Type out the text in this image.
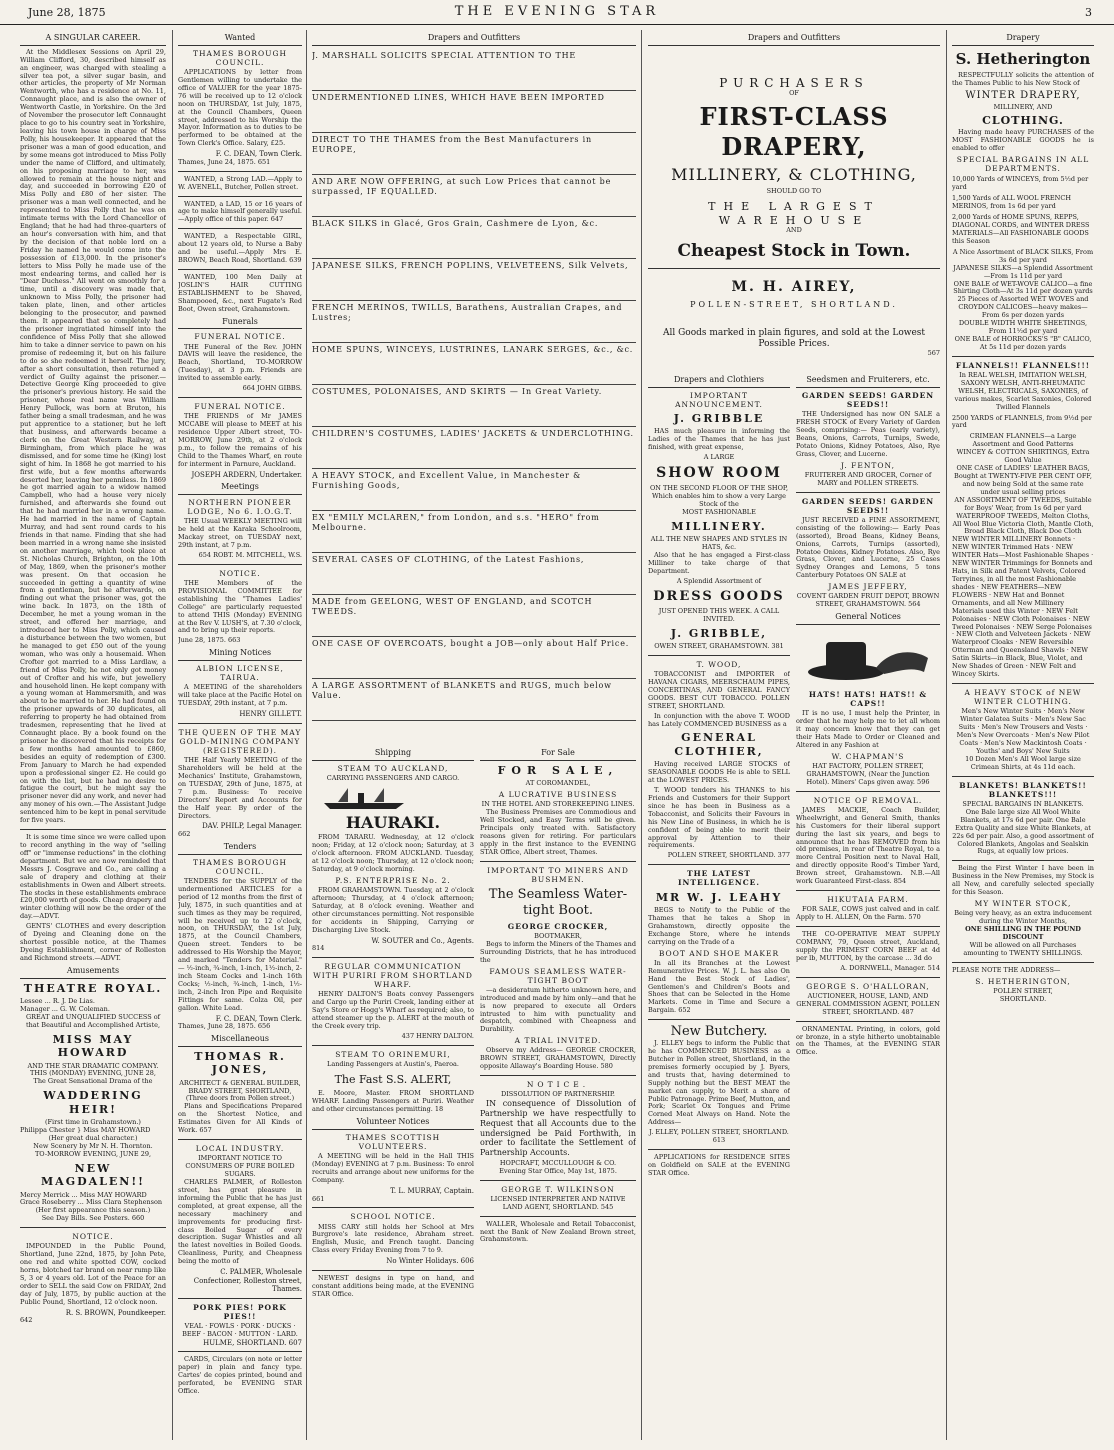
June 28, 1875	THE EVENING STAR	3
A SINGULAR CAREER.

At the Middlesex Sessions on April 29, William Clifford, 30, described himself as an engineer, was charged with stealing a silver tea pot, a silver sugar basin, and other articles, the property of Mr Norman Wentworth, who has a residence at No. 11, Connaught place, and is also the owner of Wentworth Castle, in Yorkshire. On the 3rd of November the prosecutor left Connaught place to go to his country seat in Yorkshire, leaving his town house in charge of Miss Polly, his housekeeper. It appeared that the prisoner was a man of good education, and by some means got introduced to Miss Polly under the name of Clifford, and ultimately, on his proposing marriage to her, was allowed to remain at the house night and day, and succeeded in borrowing £20 of Miss Polly and £80 of her sister. The prisoner was a man well connected, and he represented to Miss Polly that he was on intimate terms with the Lord Chancellor of England; that he had had three-quarters of an hour's conversation with him, and that by the decision of that noble lord on a Friday he named he would come into the possession of £13,000. In the prisoner's letters to Miss Polly he made use of the most endearing terms, and called her is "Dear Duchess." All went on smoothly for a time, until a discovery was made that, unknown to Miss Polly, the prisoner had taken plate, linen, and other articles belonging to the prosecutor, and pawned them. It appeared that so completely had the prisoner ingratiated himself into the confidence of Miss Polly that she allowed him to take a dinner service to pawn on his promise of redeeming it, but on his failure to do so she redeemed it herself. The jury, after a short consultation, then returned a verdict of Guilty against the prisoner.—Detective George King proceeded to give the prisoner's previous history. He said the prisoner, whose real name was William Henry Pullock, was born at Bruton, his father being a small tradesman, and he was put apprentice to a stationer, but he left that business, and afterwards became a clerk on the Great Western Railway, at Birmingham, from which place he was dismissed, and for some time he (King) lost sight of him. In 1868 he got married to his first wife, but a few months afterwards deserted her, leaving her penniless. In 1869 he got married again to a widow named Campbell, who had a house very nicely furnished, and afterwards she found out that he had married her in a wrong name. He had married in the name of Captain Murray, and had sent round cards to his friends in that name. Finding that she had been married in a wrong name she insisted on another marriage, which took place at St. Nicholas Church, Brighton, on the 10th of May, 1869, when the prisoner's mother was present. On that occasion he succeeded in getting a quantity of wine from a gentleman, but he afterwards, on finding out what the prisoner was, got the wine back. In 1873, on the 18th of December, he met a young woman in the street, and offered her marriage, and introduced her to Miss Polly, which caused a disturbance between the two women, but he managed to get £50 out of the young woman, who was only a housemaid. When Crofter got married to a Miss Lardlaw, a friend of Miss Polly, he not only got money out of Crofter and his wife, but jewellery and household linen. He kept company with a young woman at Hammersmith, and was about to be married to her. He had found on the prisoner upwards of 30 duplicates, all referring to property he had obtained from tradesmen, representing that he lived at Connaught place. By a book found on the prisoner he discovered that his receipts for a few months had amounted to £860, besides an equity of redemption of £300. From January to March he had expended upon a professional singer £2. He could go on with the list, but he had no desire to fatigue the court, but he might say the prisoner never did any work, and never had any money of his own.—The Assistant Judge sentenced him to be kept in penal servitude for five years.

It is some time since we were called upon to record anything in the way of "selling off" or "immense reductions" in the clothing department. But we are now reminded that Messrs J. Cosgrave and Co., are calling a sale of drapery and clothing at their establishments in Owen and Albert streets. The stocks in these establishments embrace £20,000 worth of goods. Cheap drapery and winter clothing will now be the order of the day.—ADVT.

GENTS' CLOTHES and every description of Dyeing and Cleaning done on the shortest possible notice, at the Thames Dyeing Establishment, corner of Rolleston and Richmond streets.—ADVT.

Amusements
THEATRE ROYAL.
Lessee ... R. J. De Lias.
Manager ... G. W. Coleman.
GREAT and UNQUALIFIED SUCCESS of that Beautiful and Accomplished Artiste,
MISS MAY HOWARD
AND THE STAR DRAMATIC COMPANY.
THIS (MONDAY) EVENING, JUNE 28,
The Great Sensational Drama of the
WADDERING HEIR!
(First time in Grahamstown.)
Philippa Chester } Miss MAY HOWARD
(Her great dual character.)
New Scenery by Mr N. H. Thornton.
TO-MORROW EVENING, JUNE 29,
NEW MAGDALEN!!
Mercy Merrick ... Miss MAY HOWARD
Grace Roseberry ... Miss Clara Stephenson
(Her first appearance this season.)
See Day Bills. See Posters. 660
NOTICE.

IMPOUNDED in the Public Pound, Shortland, June 22nd, 1875, by John Pete, one red and white spotted COW, cocked horns, blotched tar brand on near rump like S, 3 or 4 years old. Lot of the Peace for an order to SELL the said Cow on FRIDAY, 2nd day of July, 1875, by public auction at the Public Pound, Shortland, 12 o'clock noon.

R. S. BROWN, Poundkeeper.
642
Wanted
THAMES BOROUGH COUNCIL.

APPLICATIONS by letter from Gentlemen willing to undertake the office of VALUER for the year 1875-76 will be received up to 12 o'clock noon on THURSDAY, 1st July, 1875, at the Council Chambers, Queen street, addressed to his Worship the Mayor. Information as to duties to be performed to be obtained at the Town Clerk's Office. Salary, £25.

F. C. DEAN, Town Clerk.
Thames, June 24, 1875. 651

WANTED, a Strong LAD.—Apply to W. AVENELL, Butcher, Pollen street.

WANTED, a LAD, 15 or 16 years of age to make himself generally useful.—Apply office of this paper. 647

WANTED, a Respectable GIRL, about 12 years old, to Nurse a Baby and be useful.—Apply Mrs E. BROWN, Beach Road, Shortland. 639

WANTED, 100 Men Daily at JOSLIN'S HAIR CUTTING ESTABLISHMENT to be Shaved, Shampooed, &c., next Fugate's Red Boot, Owen street, Grahamstown.

Funerals
FUNERAL NOTICE.

THE Funeral of the Rev. JOHN DAVIS will leave the residence, the Beach, Shortland, TO-MORROW (Tuesday), at 3 p.m. Friends are invited to assemble early.

664 JOHN GIBBS.
FUNERAL NOTICE.

THE FRIENDS of Mr JAMES MCCABE will please to MEET at his residence Upper Albert street, TO-MORROW, June 29th, at 2 o'clock p.m., to follow the remains of his Child to the Thames Wharf, en route for interment in Parnure, Auckland.

JOSEPH ARDERN, Undertaker.
Meetings
NORTHERN PIONEER LODGE, No 6. I.O.G.T.

THE Usual WEEKLY MEETING will be held at the Karaka Schoolroom, Mackay street, on TUESDAY next, 29th instant, at 7 p.m.

654 ROBT. M. MITCHELL, W.S.
NOTICE.

THE Members of the PROVISIONAL COMMITTEE for establishing the "Thames Ladies' College" are particularly requested to attend THIS (Monday) EVENING at the Rev V. LUSH'S, at 7.30 o'clock, and to bring up their reports.

June 28, 1875. 663
Mining Notices
ALBION LICENSE, TAIRUA.

A MEETING of the shareholders will take place at the Pacific Hotel on TUESDAY, 29th instant, at 7 p.m.

HENRY GILLETT.
THE QUEEN OF THE MAY GOLD-MINING COMPANY (REGISTERED).

THE Half Yearly MEETING of the Shareholders will be held at the Mechanics' Institute, Grahamstown, on TUESDAY, 29th of June, 1875, at 7 p.m. Business: To receive Directors' Report and Accounts for the Half year. By order of the Directors.

DAV. PHILP, Legal Manager.
662
Tenders
THAMES BOROUGH COUNCIL.

TENDERS for the SUPPLY of the undermentioned ARTICLES for a period of 12 months from the first of July, 1875, in such quantities and at such times as they may be required, will be received up to 12 o'clock, noon, on THURSDAY, the 1st July, 1875, at the Council Chambers, Queen street. Tenders to be addressed to His Worship the Mayor, and marked "Tenders for Material." — ½-inch, ¾-inch, 1-inch, 1½-inch, 2-inch Steam Cocks and 1-inch 16th Cocks; ½-inch, ¾-inch, 1-inch, 1½-inch, 2-inch Iron Pipe and Requisite Fittings for same. Colza Oil, per gallon. White Lead.

F. C. DEAN, Town Clerk.
Thames, June 28, 1875. 656
Miscellaneous
THOMAS R. JONES,
ARCHITECT & GENERAL BUILDER, BRADY STREET, SHORTLAND, (Three doors from Pollen street.)

Plans and Specifications Prepared on the Shortest Notice, and Estimates Given for All Kinds of Work. 657

LOCAL INDUSTRY.
IMPORTANT NOTICE TO CONSUMERS OF PURE BOILED SUGARS.

CHARLES PALMER, of Rolleston street, has great pleasure in informing the Public that he has just completed, at great expense, all the necessary machinery and improvements for producing first-class Boiled Sugar of every description. Sugar Whistles and all the latest novelties in Boiled Goods. Cleanliness, Purity, and Cheapness being the motto of

C. PALMER, Wholesale Confectioner, Rolleston street, Thames.
PORK PIES! PORK PIES!!
VEAL · FOWLS · PORK · DUCKS · BEEF · BACON · MUTTON · LARD.
HULME, SHORTLAND. 607

CARDS, Circulars (on note or letter paper) in plain and fancy type. Cartes' de copies printed, bound and perforated, be EVENING STAR Office.

Drapers and Outfitters
J. MARSHALL SOLICITS SPECIAL ATTENTION TO THE
UNDERMENTIONED LINES, WHICH HAVE BEEN IMPORTED
DIRECT TO THE THAMES from the Best Manufacturers in EUROPE,
AND ARE NOW OFFERING, at such Low Prices that cannot be surpassed, IF EQUALLED.
BLACK SILKS in Glacé, Gros Grain, Cashmere de Lyon, &c.
JAPANESE SILKS, FRENCH POPLINS, VELVETEENS, Silk Velvets,
FRENCH MERINOS, TWILLS, Barathens, Australian Crapes, and Lustres;
HOME SPUNS, WINCEYS, LUSTRINES, LANARK SERGES, &c., &c.
COSTUMES, POLONAISES, AND SKIRTS — In Great Variety.
CHILDREN'S COSTUMES, LADIES' JACKETS & UNDERCLOTHING.
A HEAVY STOCK, and Excellent Value, in Manchester & Furnishing Goods,
EX "EMILY MCLAREN," from London, and s.s. "HERO" from Melbourne.
SEVERAL CASES OF CLOTHING, of the Latest Fashions,
MADE from GEELONG, WEST OF ENGLAND, and SCOTCH TWEEDS.
ONE CASE OF OVERCOATS, bought a JOB—only about Half Price.
A LARGE ASSORTMENT of BLANKETS and RUGS, much below Value.
Drapers and Outfitters
PURCHASERS
OF
FIRST-CLASS DRAPERY,
MILLINERY, & CLOTHING,
SHOULD GO TO
THE LARGEST WAREHOUSE
AND
Cheapest Stock in Town.
M. H. AIREY,
POLLEN-STREET, SHORTLAND.
All Goods marked in plain figures, and sold at the Lowest Possible Prices.
567
Shipping
STEAM TO AUCKLAND,
CARRYING PASSENGERS AND CARGO.
HAURAKI.

FROM TARARU. Wednesday, at 12 o'clock noon; Friday, at 12 o'clock noon; Saturday, at 3 o'clock afternoon. FROM AUCKLAND. Tuesday, at 12 o'clock noon; Thursday, at 12 o'clock noon; Saturday, at 9 o'clock morning.

P.S. ENTERPRISE No. 2.

FROM GRAHAMSTOWN. Tuesday, at 2 o'clock afternoon; Thursday, at 4 o'clock afternoon; Saturday, at 8 o'clock evening. Weather and other circumstances permitting. Not responsible for accidents in Shipping, Carrying or Discharging Live Stock.

W. SOUTER and Co., Agents.
814
REGULAR COMMUNICATION WITH PURIRI FROM SHORTLAND WHARF.

HENRY DALTON'S Boats convey Passengers and Cargo up the Puriri Creek, landing either at Say's Store or Hogg's Wharf as required; also, to attend steamer up the p. ALERT at the mouth of the Creek every trip.

437 HENRY DALTON.
STEAM TO ORINEMURI,
Landing Passengers at Austin's, Paeroa.
The Fast S.S. ALERT,

E. Moore, Master. FROM SHORTLAND WHARF. Landing Passengers at Puriri. Weather and other circumstances permitting. 18

Volunteer Notices
THAMES SCOTTISH VOLUNTEERS.

A MEETING will be held in the Hall THIS (Monday) EVENING at 7 p.m. Business: To enrol recruits and arrange about new uniforms for the Company.

T. L. MURRAY, Captain.
661
SCHOOL NOTICE.

MISS CARY still holds her School at Mrs Burgrove's late residence, Abraham street. English, Music, and French taught. Dancing Class every Friday Evening from 7 to 9.

No Winter Holidays. 606

NEWEST designs in type on hand, and constant additions being made, at the EVENING STAR Office.

For Sale
FOR SALE,
AT COROMANDEL,
A LUCRATIVE BUSINESS
IN THE HOTEL AND STOREKEEPING LINES.

The Business Premises are Commodious and Well Stocked, and Easy Terms will be given. Principals only treated with. Satisfactory reasons given for retiring. For particulars apply in the first instance to the EVENING STAR Office, Albert street, Thames.

IMPORTANT TO MINERS AND BUSHMEN.
The Seamless Water-tight Boot.
GEORGE CROCKER,
BOOTMAKER,

Begs to inform the Miners of the Thames and Surrounding Districts, that he has introduced the

FAMOUS SEAMLESS WATER-TIGHT BOOT

—a desideratum hitherto unknown here, and introduced and made by him only—and that he is now prepared to execute all Orders intrusted to him with punctuality and despatch, combined with Cheapness and Durability.

A TRIAL INVITED.

Observe my Address— GEORGE CROCKER, BROWN STREET, GRAHAMSTOWN, Directly opposite Allaway's Boarding House. 580

NOTICE.
DISSOLUTION OF PARTNERSHIP.

IN consequence of Dissolution of Partnership we have respectfully to Request that all Accounts due to the undersigned be Paid Forthwith, in order to facilitate the Settlement of Partnership Accounts.

HOPCRAFT, MCCULLOUGH & CO.
Evening Star Office, May 1st, 1875.
GEORGE T. WILKINSON
LICENSED INTERPRETER AND NATIVE LAND AGENT, SHORTLAND. 545

WALLER, Wholesale and Retail Tobacconist, next the Bank of New Zealand Brown street, Grahamstown.

Drapers and Clothiers
IMPORTANT ANNOUNCEMENT.
J. GRIBBLE

HAS much pleasure in informing the Ladies of the Thames that he has just finished, with great expense,

A LARGE
SHOW ROOM
ON THE SECOND FLOOR OF THE SHOP,
Which enables him to show a very Large Stock of the
MOST FASHIONABLE
MILLINERY.
ALL THE NEW SHAPES AND STYLES IN HATS, &c.

Also that he has engaged a First-class Milliner to take charge of that Department.

A Splendid Assortment of
DRESS GOODS
JUST OPENED THIS WEEK. A CALL INVITED.
J. GRIBBLE,
OWEN STREET, GRAHAMSTOWN. 381
T. WOOD,

TOBACCONIST and IMPORTER of HAVANA CIGARS, MEERSCHAUM PIPES, CONCERTINAS, AND GENERAL FANCY GOODS. BEST CUT TOBACCO. POLLEN STREET, SHORTLAND.

In conjunction with the above T. WOOD has Lately COMMENCED BUSINESS as a

GENERAL CLOTHIER,

Having received LARGE STOCKS of SEASONABLE GOODS He is able to SELL at the LOWEST PRICES.

T. WOOD tenders his THANKS to his Friends and Customers for their Support since he has been in Business as a Tobacconist, and Solicits their Favours in his New Line of Business, in which he is confident of being able to merit their approval by Attention to their requirements.

POLLEN STREET, SHORTLAND. 377
THE LATEST INTELLIGENCE.
MR W. J. LEAHY

BEGS to Notify to the Public of the Thames that he takes a Shop in Grahamstown, directly opposite the Exchange Store, where he intends carrying on the Trade of a

BOOT AND SHOE MAKER

In all its Branches at the Lowest Remunerative Prices. W. J. L. has also On Hand the Best Stock of Ladies', Gentlemen's and Children's Boots and Shoes that can be Selected in the Home Markets. Come in Time and Secure a Bargain. 652

New Butchery.

J. ELLEY begs to inform the Public that he has COMMENCED BUSINESS as a Butcher in Pollen street, Shortland, in the premises formerly occupied by J. Byers, and trusts that, having determined to Supply nothing but the BEST MEAT the market can supply, to Merit a share of Public Patronage. Prime Beef, Mutton, and Pork; Scarlet Ox Tongues and Prime Corned Meat Always on Hand. Note the Address—

J. ELLEY, POLLEN STREET, SHORTLAND. 613

APPLICATIONS for RESIDENCE SITES on Goldfield on SALE at the EVENING STAR Office.

Seedsmen and Fruiterers, etc.
GARDEN SEEDS! GARDEN SEEDS!!

THE Undersigned has now ON SALE a FRESH STOCK of Every Variety of Garden Seeds, comprising:— Peas (early variety), Beans, Onions, Carrots, Turnips, Swede, Potato Onions, Kidney Potatoes, Also, Rye Grass, Clover, and Lucerne.

J. FENTON,
FRUITERER AND GROCER, Corner of MARY and POLLEN STREETS.
GARDEN SEEDS! GARDEN SEEDS!!

JUST RECEIVED a FINE ASSORTMENT, consisting of the following:— Early Peas (assorted), Broad Beans, Kidney Beans, Onions, Carrots, Turnips (assorted), Potatoe Onions, Kidney Potatoes. Also, Rye Grass, Clover, and Lucerne, 25 Cases Sydney Oranges and Lemons, 5 tons Canterbury Potatoes ON SALE at

JAMES JEFFERY,
COVENT GARDEN FRUIT DEPOT, BROWN STREET, GRAHAMSTOWN. 564
General Notices
HATS! HATS! HATS!! & CAPS!!

IT is no use, I must help the Printer, in order that he may help me to let all whom it may concern know that they can get their Hats Made to Order or Cleaned and Altered in any Fashion at

W. CHAPMAN'S
HAT FACTORY, POLLEN STREET, GRAHAMSTOWN, (Near the Junction Hotel). Miners' Caps given away. 596
NOTICE OF REMOVAL.

JAMES MACKIE, Coach Builder, Wheelwright, and General Smith, thanks his Customers for their liberal support during the last six years, and begs to announce that he has REMOVED from his old premises, in rear of Theatre Royal, to a more Central Position next to Naval Hall, and directly opposite Rood's Timber Yard, Brown street, Grahamstown. N.B.—All work Guaranteed First-class. 854

HIKUTAIA FARM.

FOR SALE, COWS just calved and in calf. Apply to H. ALLEN, On the Farm. 570

THE CO-OPERATIVE MEAT SUPPLY COMPANY, 79, Queen street, Auckland, supply the PRIMEST CORN BEEF at 4d per lb, MUTTON, by the carcase ... 3d do

A. DORNWELL, Manager. 514
GEORGE S. O'HALLORAN,
AUCTIONEER, HOUSE, LAND, AND GENERAL COMMISSION AGENT, POLLEN STREET, SHORTLAND. 487

ORNAMENTAL Printing, in colors, gold or bronze, in a style hitherto unobtainable on the Thames, at the EVENING STAR Office.

Drapery
S. Hetherington

RESPECTFULLY solicits the attention of the Thames Public to his New Stock of

WINTER DRAPERY,
MILLINERY, AND
CLOTHING.

Having made heavy PURCHASES of the MOST FASHIONABLE GOODS he is enabled to offer

SPECIAL BARGAINS IN ALL DEPARTMENTS.
10,000 Yards of WINCEYS, from 5½d per yard
1,500 Yards of ALL WOOL FRENCH MERINOS, from 1s 6d per yard
2,000 Yards of HOME SPUNS, REPPS, DIAGONAL CORDS, and WINTER DRESS MATERIALS—All FASHIONABLE GOODS this Season
A Nice Assortment of BLACK SILKS, From 3s 6d per yard
JAPANESE SILKS—a Splendid Assortment—From 1s 11d per yard
ONE BALE of WET-WOVE CALICO—a fine Shirting Cloth—At 3s 11d per dozen yards
25 Pieces of Assorted WET WOVES and CROYDON CALICOES—heavy makes—From 6s per dozen yards
DOUBLE WIDTH WHITE SHEETINGS, From 11½d per yard
ONE BALE of HORROCKS'S "B" CALICO, At 5s 11d per dozen yards
FLANNELS!! FLANNELS!!!
In REAL WELSH, IMITATION WELSH, SAXONY WELSH, ANTI-RHEUMATIC WELSH, ELECTRICALS, SAXONIES, of various makes, Scarlet Saxonies, Colored Twilled Flannels
2500 YARDS of FLANNELS, from 9½d per yard
CRIMEAN FLANNELS—a Large Assortment and Good Patterns
WINCEY & COTTON SHIRTINGS, Extra Good Value
ONE CASE of LADIES' LEATHER BAGS, Bought at TWENTY-FIVE PER CENT OFF, and now being Sold at the same rate under usual selling prices
AN ASSORTMENT OF TWEEDS, Suitable for Boys' Wear, from 1s 6d per yard
WATERPROOF TWEEDS, Melton Cloths, All Wool Blue Victoria Cloth, Mantle Cloth, Broad Black Cloth, Black Doe Cloth
NEW WINTER MILLINERY Bonnets · NEW WINTER Trimmed Hats · NEW WINTER Hats—Most Fashionable Shapes · NEW WINTER Trimmings for Bonnets and Hats, in Silk and Patent Velvets, Colored Terryines, in all the most Fashionable shades · NEW FEATHERS—NEW FLOWERS · NEW Hat and Bonnet Ornaments, and all New Millinery Materials used this Winter · NEW Felt Polonaises · NEW Cloth Polonaises · NEW Tweed Polonaises · NEW Serge Polonaises · NEW Cloth and Velveteen Jackets · NEW Waterproof Cloaks · NEW Reversible Otterman and Queensland Shawls · NEW Satin Skirts—in Black, Blue, Violet, and New Shades of Green · NEW Felt and Wincey Skirts.
A HEAVY STOCK of NEW WINTER CLOTHING.
Men's New Winter Suits · Men's New Winter Galatea Suits · Men's New Sac Suits · Men's New Trousers and Vests · Men's New Overcoats · Men's New Pilot Coats · Men's New Mackintosh Coats · Youths' and Boys' New Suits
10 Dozen Men's All Wool large size Crimean Shirts, at 4s 11d each.
BLANKETS! BLANKETS!! BLANKETS!!!
SPECIAL BARGAINS IN BLANKETS.
One Bale large size All Wool White Blankets, at 17s 6d per pair. One Bale Extra Quality and size White Blankets, at 22s 6d per pair. Also, a good assortment of Colored Blankets, Angolas and Sealskin Rugs, at equally low prices.

Being the First Winter I have been in Business in the New Premises, my Stock is all New, and carefully selected specially for this Season.

MY WINTER STOCK,
Being very heavy, as an extra inducement during the Winter Months,
ONE SHILLING IN THE POUND DISCOUNT
Will be allowed on all Purchases amounting to TWENTY SHILLINGS.
PLEASE NOTE THE ADDRESS—
S. HETHERINGTON,
POLLEN STREET,
SHORTLAND.
